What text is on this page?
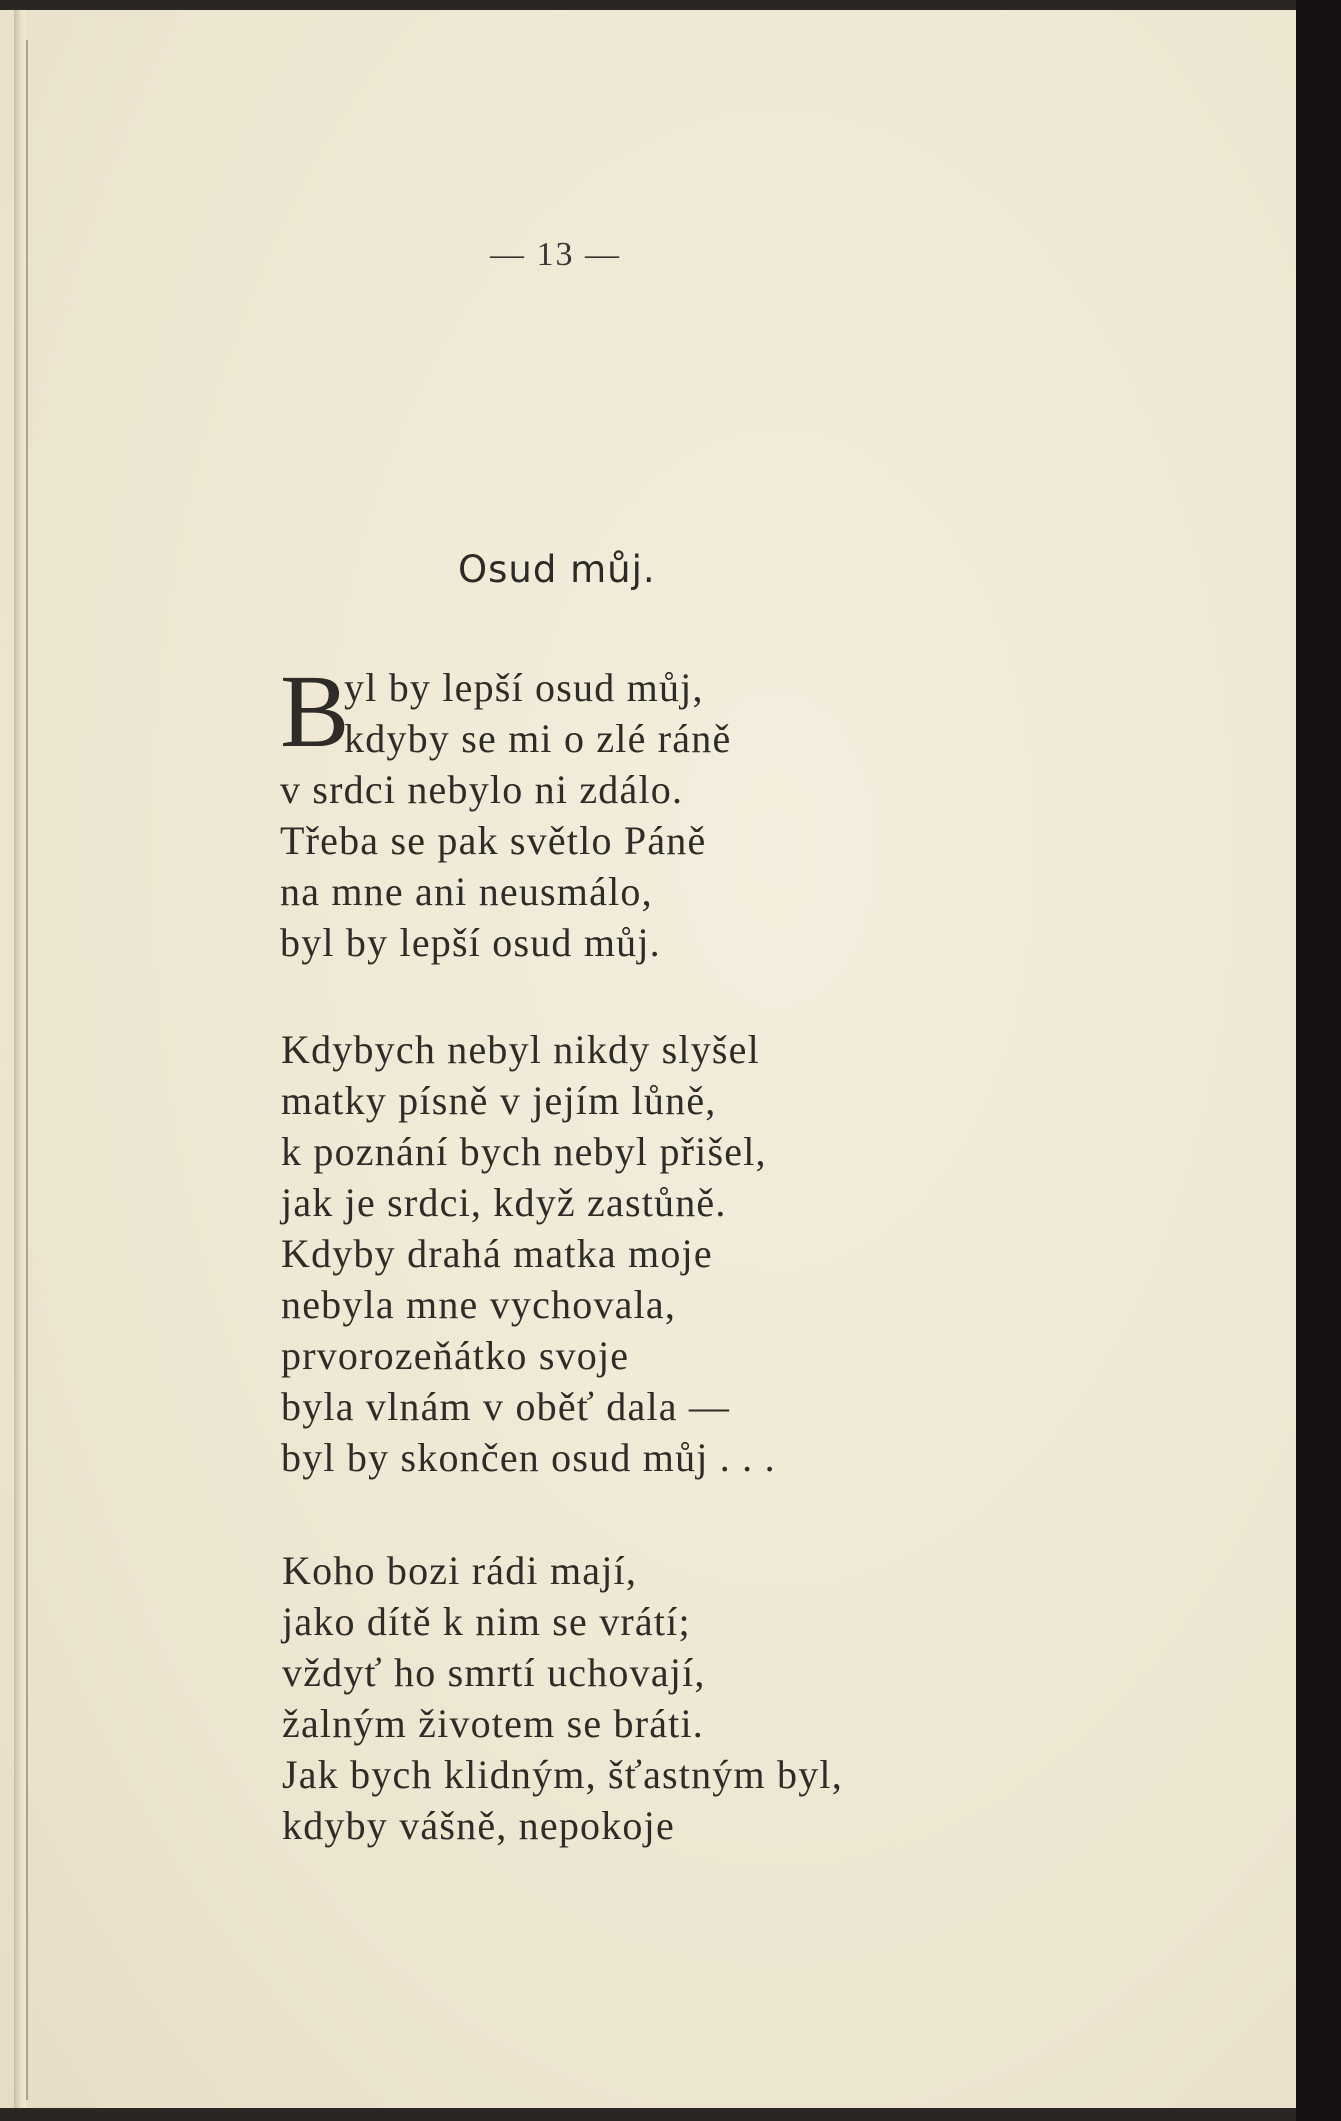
— 13 —
Osud můj.
B
yl by lepší osud můj,
kdyby se mi o zlé ráně
v srdci nebylo ni zdálo.
Třeba se pak světlo Páně
na mne ani neusmálo,
byl by lepší osud můj.
Kdybych nebyl nikdy slyšel
matky písně v jejím lůně,
k poznání bych nebyl přišel,
jak je srdci, když zastůně.
Kdyby drahá matka moje
nebyla mne vychovala,
prvorozeňátko svoje
byla vlnám v oběť dala —
byl by skončen osud můj . . .
Koho bozi rádi mají,
jako dítě k nim se vrátí;
vždyť ho smrtí uchovají,
žalným životem se bráti.
Jak bych klidným, šťastným byl,
kdyby vášně, nepokoje
